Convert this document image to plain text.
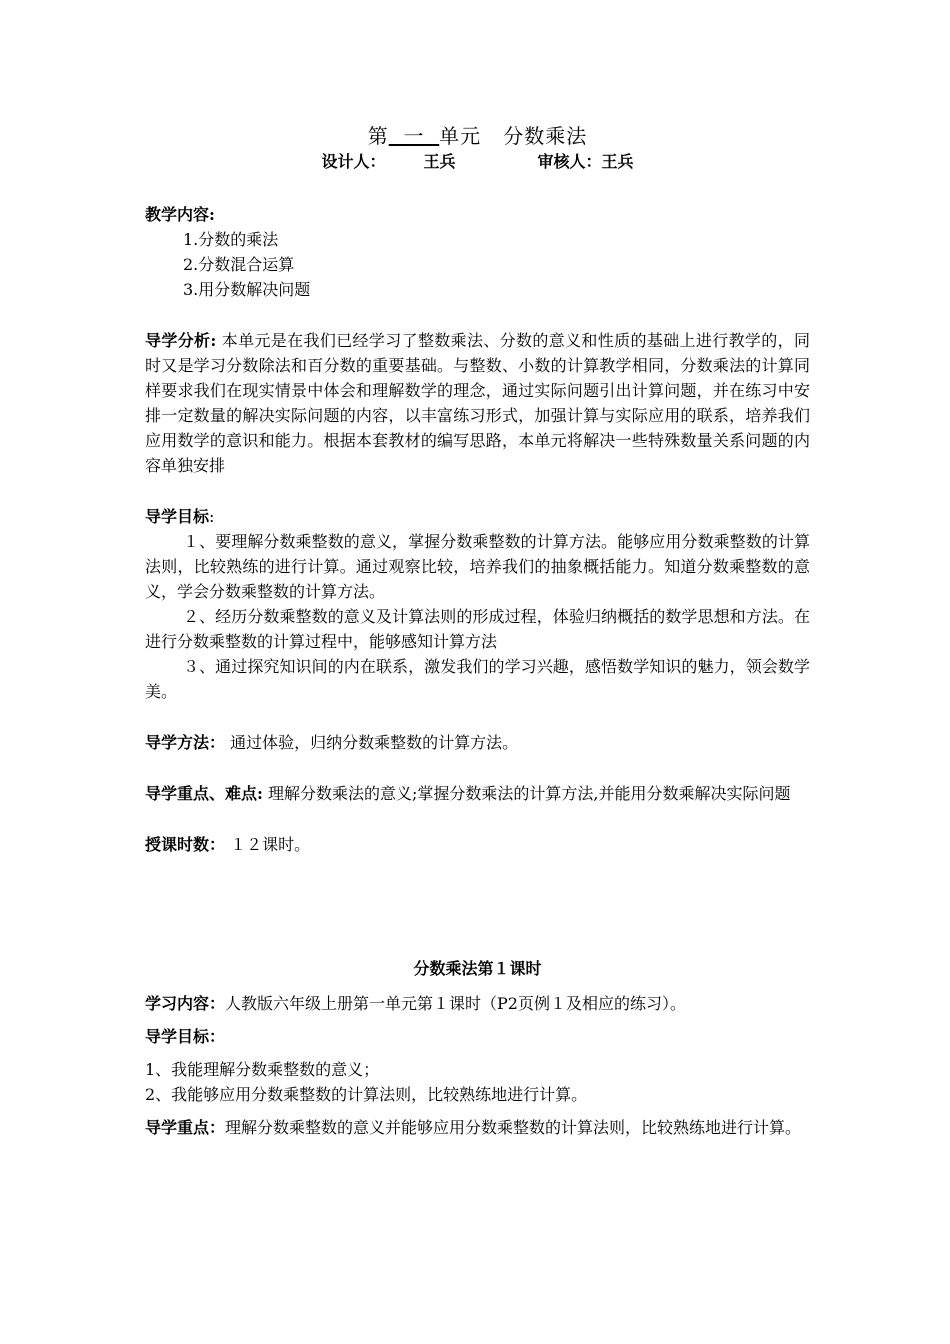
第 一 单元 分数乘法

设计人： 王兵	审核人：王兵

教学内容:

1.分数的乘法

2.分数混合运算

3.用分数解决问题

导学分析: 本单元是在我们已经学习了整数乘法、分数的意义和性质的基础上进行教学的，同时又是学习分数除法和百分数的重要基础。与整数、小数的计算教学相同，分数乘法的计算同样要求我们在现实情景中体会和理解数学的理念，通过实际问题引出计算问题，并在练习中安排一定数量的解决实际问题的内容，以丰富练习形式，加强计算与实际应用的联系，培养我们应用数学的意识和能力。根据本套教材的编写思路，本单元将解决一些特殊数量关系问题的内容单独安排

导学目标:

１、要理解分数乘整数的意义，掌握分数乘整数的计算方法。能够应用分数乘整数的计算法则，比较熟练的进行计算。通过观察比较，培养我们的抽象概括能力。知道分数乘整数的意义，学会分数乘整数的计算方法。

２、经历分数乘整数的意义及计算法则的形成过程，体验归纳概括的数学思想和方法。在进行分数乘整数的计算过程中，能够感知计算方法

３、通过探究知识间的内在联系，激发我们的学习兴趣，感悟数学知识的魅力，领会数学美。

导学方法： 通过体验，归纳分数乘整数的计算方法。

导学重点、难点: 理解分数乘法的意义;掌握分数乘法的计算方法,并能用分数乘解决实际问题

授课时数： １２课时。

分数乘法第１课时

学习内容：人教版六年级上册第一单元第１课时（P2页例１及相应的练习）。

导学目标：

1、我能理解分数乘整数的意义；

2、我能够应用分数乘整数的计算法则，比较熟练地进行计算。

导学重点：理解分数乘整数的意义并能够应用分数乘整数的计算法则，比较熟练地进行计算。
